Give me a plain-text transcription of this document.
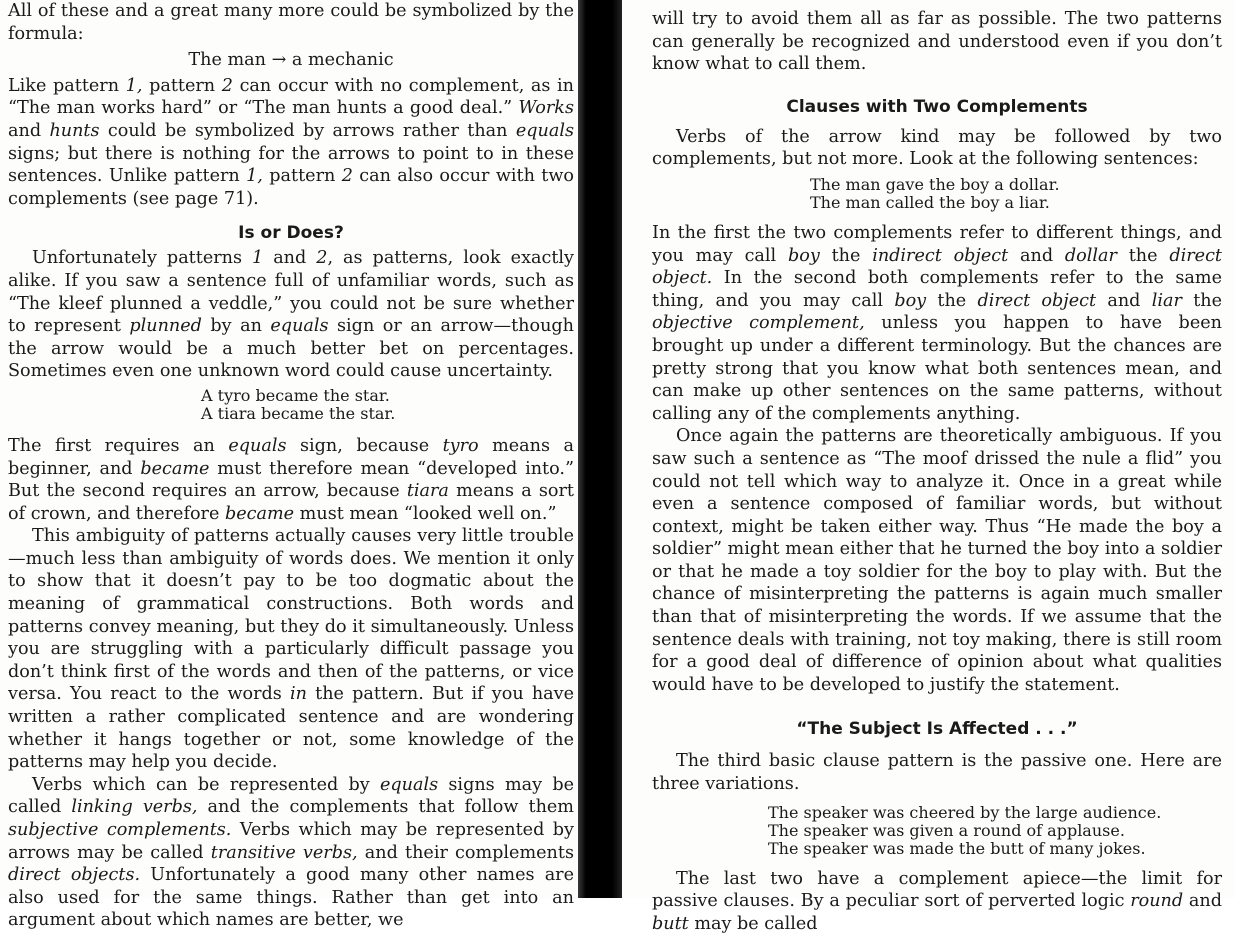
All of these and a great many more could be symbolized by the formula:

The man → a mechanic

Like pattern 1, pattern 2 can occur with no complement, as in “The man works hard” or “The man hunts a good deal.” Works and hunts could be symbolized by arrows rather than equals signs; but there is nothing for the arrows to point to in these sentences. Unlike pattern 1, pattern 2 can also occur with two complements (see page 71).

Is or Does?

Unfortunately patterns 1 and 2, as patterns, look exactly alike. If you saw a sentence full of unfamiliar words, such as “The kleef plunned a veddle,” you could not be sure whether to represent plunned by an equals sign or an arrow—though the arrow would be a much better bet on percentages. Sometimes even one unknown word could cause uncertainty.

A tyro became the star.

A tiara became the star.

The first requires an equals sign, because tyro means a beginner, and became must therefore mean “developed into.” But the second requires an arrow, because tiara means a sort of crown, and therefore became must mean “looked well on.”

This ambiguity of patterns actually causes very little trouble—much less than ambiguity of words does. We mention it only to show that it doesn’t pay to be too dogmatic about the meaning of grammatical constructions. Both words and patterns convey meaning, but they do it simultaneously. Unless you are struggling with a particularly difficult passage you don’t think first of the words and then of the patterns, or vice versa. You react to the words in the pattern. But if you have written a rather complicated sentence and are wondering whether it hangs together or not, some knowledge of the patterns may help you decide.

Verbs which can be represented by equals signs may be called linking verbs, and the complements that follow them subjective complements. Verbs which may be represented by arrows may be called transitive verbs, and their complements direct objects. Unfortunately a good many other names are also used for the same things. Rather than get into an argument about which names are better, we

will try to avoid them all as far as possible. The two patterns can generally be recognized and understood even if you don’t know what to call them.

Clauses with Two Complements

Verbs of the arrow kind may be followed by two complements, but not more. Look at the following sentences:

The man gave the boy a dollar.

The man called the boy a liar.

In the first the two complements refer to different things, and you may call boy the indirect object and dollar the direct object. In the second both complements refer to the same thing, and you may call boy the direct object and liar the objective complement, unless you happen to have been brought up under a different terminology. But the chances are pretty strong that you know what both sentences mean, and can make up other sentences on the same patterns, without calling any of the complements anything.

Once again the patterns are theoretically ambiguous. If you saw such a sentence as “The moof drissed the nule a flid” you could not tell which way to analyze it. Once in a great while even a sentence composed of familiar words, but without context, might be taken either way. Thus “He made the boy a soldier” might mean either that he turned the boy into a soldier or that he made a toy soldier for the boy to play with. But the chance of misinterpreting the patterns is again much smaller than that of misinterpreting the words. If we assume that the sentence deals with training, not toy making, there is still room for a good deal of difference of opinion about what qualities would have to be developed to justify the statement.

“The Subject Is Affected . . .”

The third basic clause pattern is the passive one. Here are three variations.

The speaker was cheered by the large audience.

The speaker was given a round of applause.

The speaker was made the butt of many jokes.

The last two have a complement apiece—the limit for passive clauses. By a peculiar sort of perverted logic round and butt may be called
